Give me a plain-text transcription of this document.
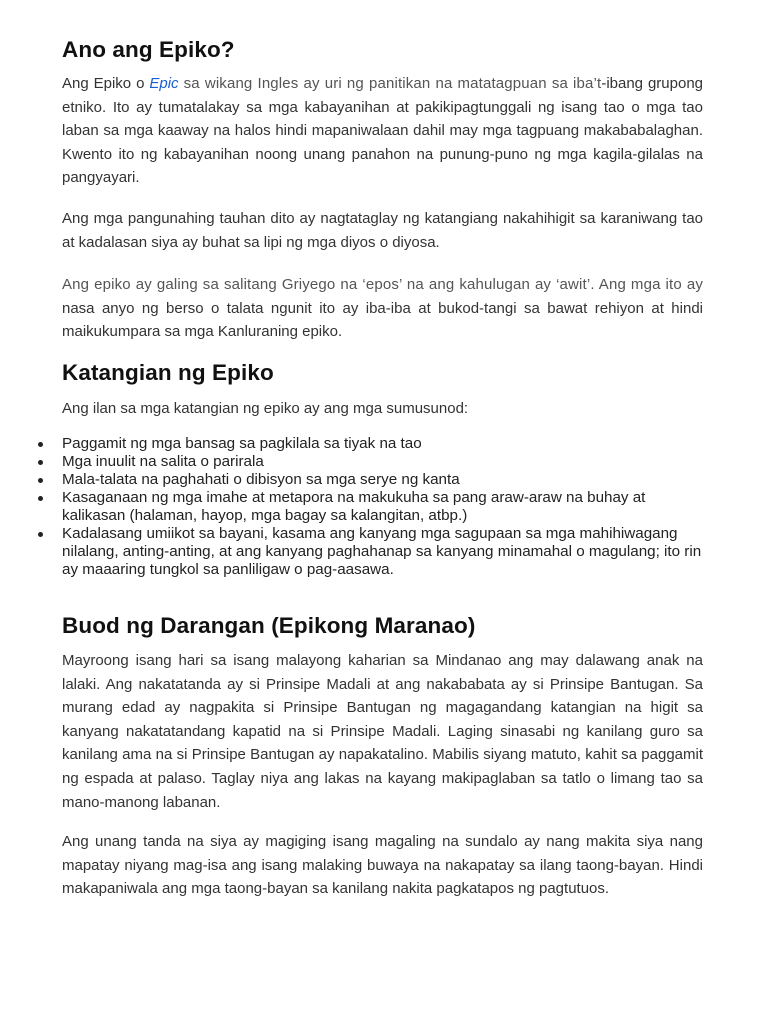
Ano ang Epiko?

Ang Epiko o Epic sa wikang Ingles ay uri ng panitikan na matatagpuan sa iba’t-ibang grupong etniko. Ito ay tumatalakay sa mga kabayanihan at pakikipagtunggali ng isang tao o mga tao laban sa mga kaaway na halos hindi mapaniwalaan dahil may mga tagpuang makababalaghan. Kwento ito ng kabayanihan noong unang panahon na punung-puno ng mga kagila-gilalas na pangyayari.

Ang mga pangunahing tauhan dito ay nagtataglay ng katangiang nakahihigit sa karaniwang tao at kadalasan siya ay buhat sa lipi ng mga diyos o diyosa.

Ang epiko ay galing sa salitang Griyego na ‘epos’ na ang kahulugan ay ‘awit’. Ang mga ito ay nasa anyo ng berso o talata ngunit ito ay iba-iba at bukod-tangi sa bawat rehiyon at hindi maikukumpara sa mga Kanluraning epiko.

Katangian ng Epiko

Ang ilan sa mga katangian ng epiko ay ang mga sumusunod:

Paggamit ng mga bansag sa pagkilala sa tiyak na tao
Mga inuulit na salita o parirala
Mala-talata na paghahati o dibisyon sa mga serye ng kanta
Kasaganaan ng mga imahe at metapora na makukuha sa pang araw-araw na buhay at kalikasan (halaman, hayop, mga bagay sa kalangitan, atbp.)
Kadalasang umiikot sa bayani, kasama ang kanyang mga sagupaan sa mga mahihiwagang nilalang, anting-anting, at ang kanyang paghahanap sa kanyang minamahal o magulang; ito rin ay maaaring tungkol sa panliligaw o pag-aasawa.
Buod ng Darangan (Epikong Maranao)

Mayroong isang hari sa isang malayong kaharian sa Mindanao ang may dalawang anak na lalaki. Ang nakatatanda ay si Prinsipe Madali at ang nakababata ay si Prinsipe Bantugan. Sa murang edad ay nagpakita si Prinsipe Bantugan ng magagandang katangian na higit sa kanyang nakatatandang kapatid na si Prinsipe Madali. Laging sinasabi ng kanilang guro sa kanilang ama na si Prinsipe Bantugan ay napakatalino. Mabilis siyang matuto, kahit sa paggamit ng espada at palaso. Taglay niya ang lakas na kayang makipaglaban sa tatlo o limang tao sa mano-manong labanan.

Ang unang tanda na siya ay magiging isang magaling na sundalo ay nang makita siya nang mapatay niyang mag-isa ang isang malaking buwaya na nakapatay sa ilang taong-bayan. Hindi makapaniwala ang mga taong-bayan sa kanilang nakita pagkatapos ng pagtutuos.
